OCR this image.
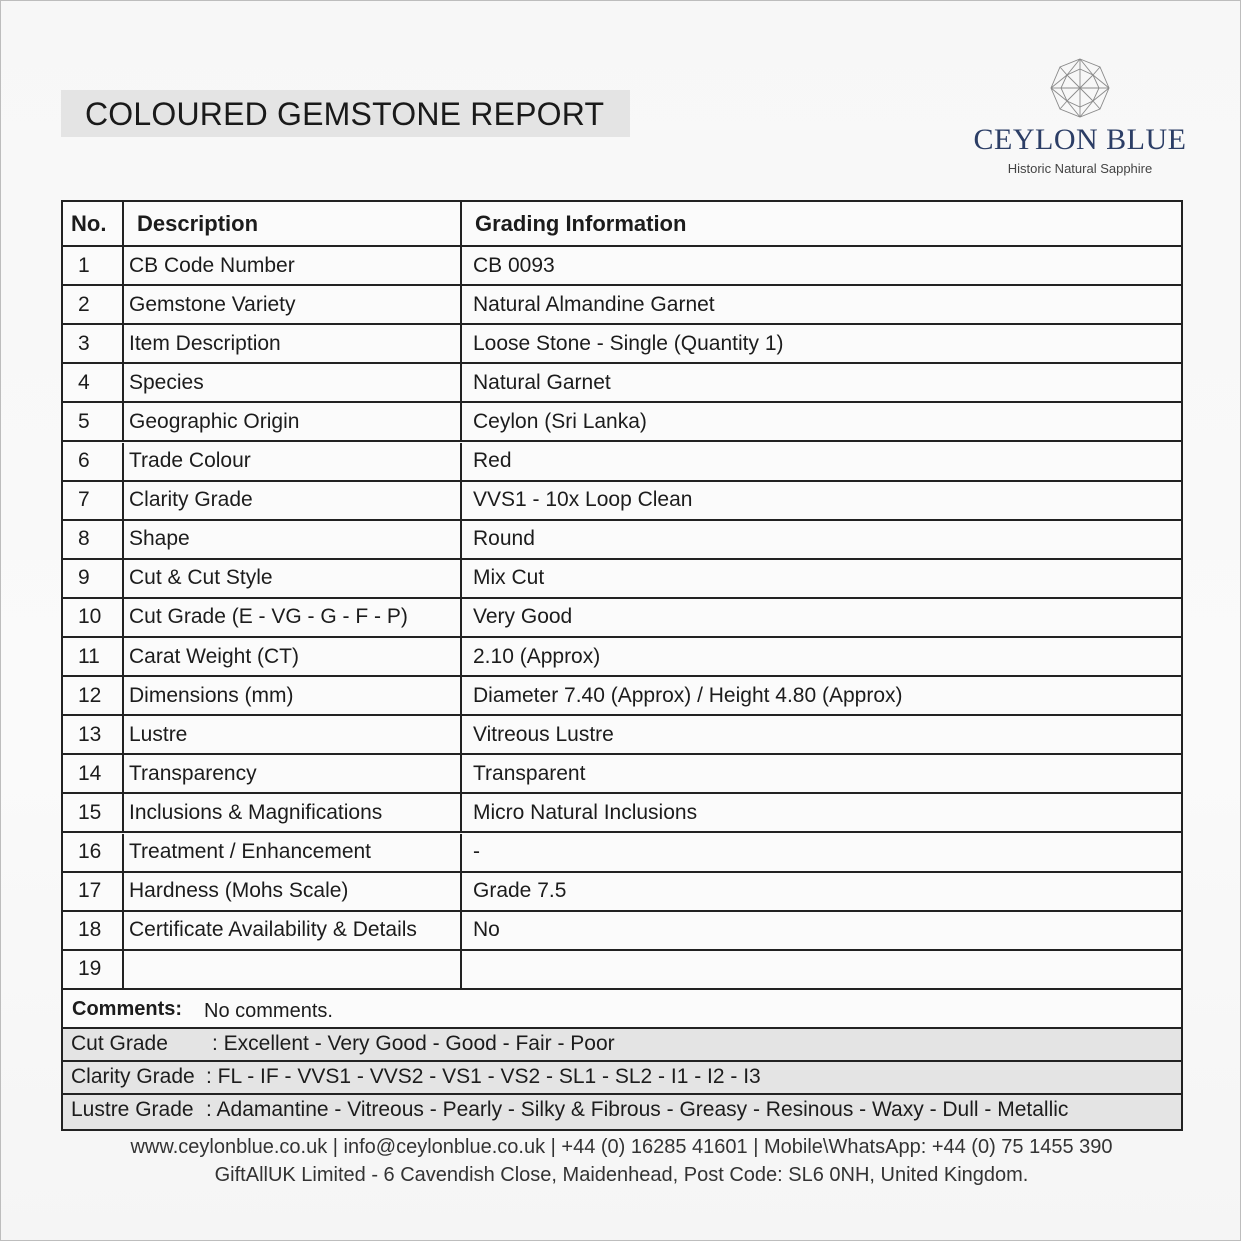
COLOURED GEMSTONE REPORT
CEYLON BLUE
Historic Natural Sapphire
No.	Description	Grading Information
1	CB Code Number	CB 0093
2	Gemstone Variety	Natural Almandine Garnet
3	Item Description	Loose Stone - Single (Quantity 1)
4	Species	Natural Garnet
5	Geographic Origin	Ceylon (Sri Lanka)
6	Trade Colour	Red
7	Clarity Grade	VVS1 - 10x Loop Clean
8	Shape	Round
9	Cut & Cut Style	Mix Cut
10	Cut Grade (E - VG - G - F - P)	Very Good
11	Carat Weight (CT)	2.10 (Approx)
12	Dimensions (mm)	Diameter 7.40 (Approx) / Height 4.80 (Approx)
13	Lustre	Vitreous Lustre
14	Transparency	Transparent
15	Inclusions & Magnifications	Micro Natural Inclusions
16	Treatment / Enhancement	-
17	Hardness (Mohs Scale)	Grade 7.5
18	Certificate Availability & Details	No
19
Comments: No comments.
Cut Grade : Excellent - Very Good - Good - Fair - Poor
Clarity Grade : FL - IF - VVS1 - VVS2 - VS1 - VS2 - SL1 - SL2 - I1 - I2 - I3
Lustre Grade : Adamantine - Vitreous - Pearly - Silky & Fibrous - Greasy - Resinous - Waxy - Dull - Metallic
www.ceylonblue.co.uk | info@ceylonblue.co.uk | +44 (0) 16285 41601 | Mobile\WhatsApp: +44 (0) 75 1455 390
GiftAllUK Limited - 6 Cavendish Close, Maidenhead, Post Code: SL6 0NH, United Kingdom.
